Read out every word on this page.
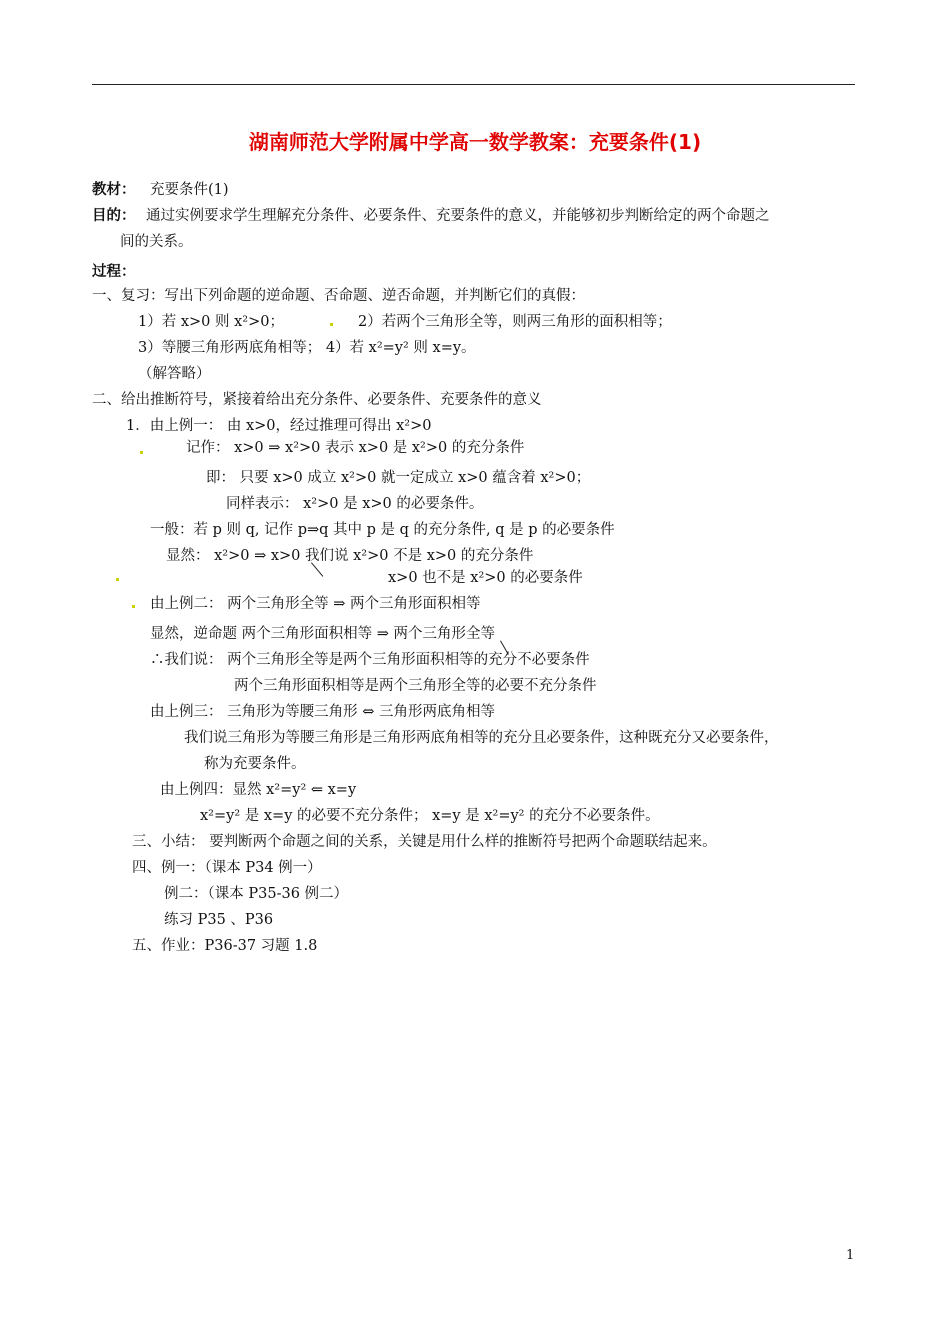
湖南师范大学附属中学高一数学教案：充要条件(1)
教材： 充要条件(1)
目的： 通过实例要求学生理解充分条件、必要条件、充要条件的意义，并能够初步判断给定的两个命题之
间的关系。
过程：
一、复习：写出下列命题的逆命题、否命题、逆否命题，并判断它们的真假：
1）若 x>0 则 x²>0；	2）若两个三角形全等，则两三角形的面积相等；
3）等腰三角形两底角相等； 4）若 x²=y² 则 x=y。
（解答略）
二、给出推断符号，紧接着给出充分条件、必要条件、充要条件的意义
1．由上例一： 由 x>0，经过推理可得出 x²>0
记作： x>0 ⇒ x²>0 表示 x>0 是 x²>0 的充分条件
即： 只要 x>0 成立 x²>0 就一定成立 x>0 蕴含着 x²>0；
同样表示： x²>0 是 x>0 的必要条件。
一般：若 p 则 q, 记作 p⇒q 其中 p 是 q 的充分条件, q 是 p 的必要条件
显然： x²>0 ⇒ x>0 我们说 x²>0 不是 x>0 的充分条件
x>0 也不是 x²>0 的必要条件
由上例二： 两个三角形全等 ⇒ 两个三角形面积相等
显然，逆命题 两个三角形面积相等 ⇒ 两个三角形全等
∴我们说： 两个三角形全等是两个三角形面积相等的充分不必要条件
两个三角形面积相等是两个三角形全等的必要不充分条件
由上例三： 三角形为等腰三角形 ⇔ 三角形两底角相等
我们说三角形为等腰三角形是三角形两底角相等的充分且必要条件，这种既充分又必要条件，
称为充要条件。
由上例四：显然 x²=y² ⇐ x=y
x²=y² 是 x=y 的必要不充分条件； x=y 是 x²=y² 的充分不必要条件。
三、小结： 要判断两个命题之间的关系，关键是用什么样的推断符号把两个命题联结起来。
四、例一：（课本 P34 例一）
例二：（课本 P35-36 例二）
练习 P35 、P36
五、作业：P36-37 习题 1.8
1
